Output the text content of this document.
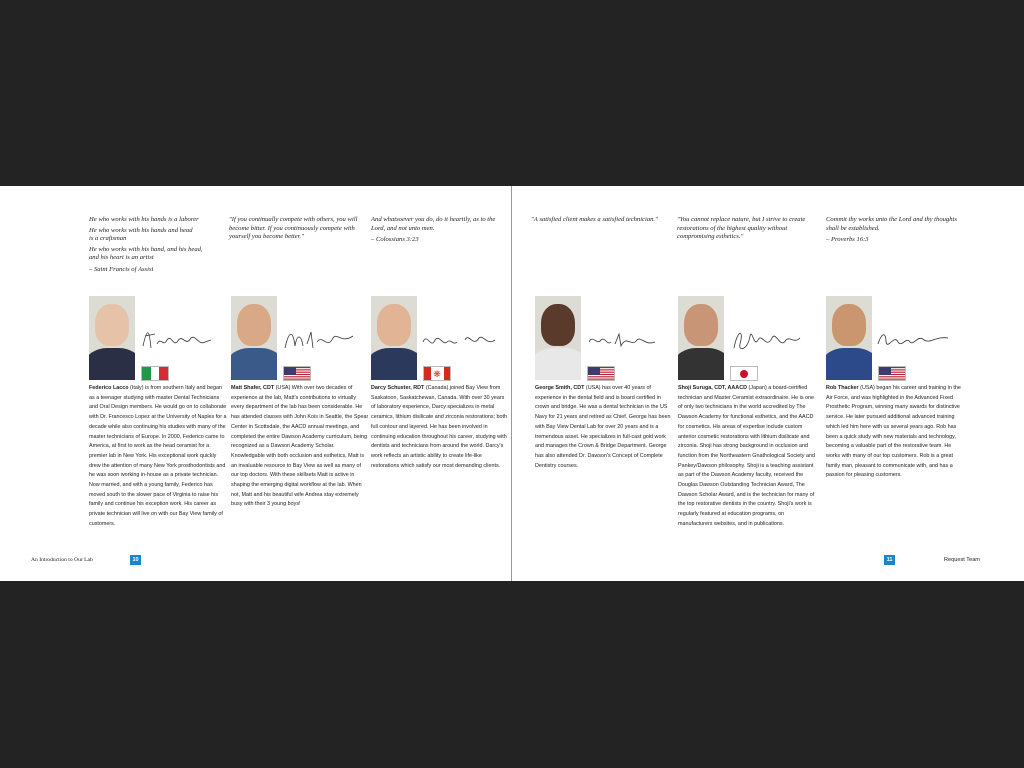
He who works with his hands is a laborer

He who works with his hands and head
is a craftsman

He who works with his hand, and his head,
and his heart is an artist

– Saint Francis of Assisi

Federico Lacco (Italy) is from southern Italy and began as a teenager studying with master Dental Technicians and Oral Design members. He would go on to collaborate with Dr. Francesco Lopez at the University of Naples for a decade while also continuing his studies with many of the master technicians of Europe. In 2000, Federico came to America, at first to work as the head ceramist for a premier lab in New York. His exceptional work quickly drew the attention of many New York prosthodontists and he was soon working in-house as a private technician. Now married, and with a young family, Federico has moved south to the slower pace of Virginia to raise his family and continue his exception work. His career as private technician will live on with our Bay View family of customers.

"If you continually compete with others, you will become bitter. If you continuously compete with yourself you become better."

Matt Shafer, CDT (USA) With over two decades of experience at the lab, Matt's contributions to virtually every department of the lab has been considerable. He has attended classes with John Kois in Seattle, the Spear Center in Scottsdale, the AACD annual meetings, and completed the entire Dawson Academy curriculum, being recognized as a Dawson Academy Scholar. Knowledgable with both occlusion and esthetics, Matt is an invaluable resource to Bay View as well as many of our top doctors. With these skillsets Matt is active in shaping the emerging digital workflow at the lab. When not, Matt and his beautiful wife Andrea stay extremely busy with their 3 young boys!

And whatsoever you do, do it heartily, as to the Lord, and not unto men.

– Colossians 3:23

❋
Darcy Schuster, RDT (Canada) joined Bay View from Saskatoon, Saskatchewan, Canada. With over 30 years of laboratory experience, Darcy specializes in metal ceramics, lithium disilicate and zirconia restorations; both full contour and layered. He has been involved in continuing education throughout his career, studying with dentists and technicians from around the world. Darcy's work reflects an artistic ability to create life-like restorations which satisfy our most demanding clients.

"A satisfied client makes a satisfied technician."

George Smith, CDT (USA) has over 40 years of experience in the dental field and is board certified in crown and bridge. He was a dental technician in the US Navy for 21 years and retired as Chief. George has been with Bay View Dental Lab for over 20 years and is a tremendous asset. He specializes in full-cast gold work and manages the Crown & Bridge Department. George has also attended Dr. Dawson's Concept of Complete Dentistry courses.

"You cannot replace nature, but I strive to create restorations of the highest quality without compromising esthetics."

Shoji Suruga, CDT, AAACD (Japan) a board-certified technician and Master Ceramist extraordinaire. He is one of only two technicians in the world accredited by The Dawson Academy for functional esthetics, and the AACD for cosmetics. His areas of expertise include custom anterior cosmetic restorations with lithium disilicate and zirconia. Shoji has strong background in occlusion and function from the Northeastern Gnathological Society and Pankey/Dawson philosophy. Shoji is a teaching assistant as part of the Dawson Academy faculty, received the Douglas Dawson Outstanding Technician Award, The Dawson Scholar Award, and is the technician for many of the top restorative dentists in the country. Shoji's work is regularly featured at education programs, on manufacturers websites, and in publications.

Commit thy works unto the Lord and thy thoughts shall be established.

– Proverbs 16:3

Rob Thacker (USA) began his career and training in the Air Force, and was highlighted in the Advanced Fixed Prosthetic Program, winning many awards for distinctive service. He later pursued additional advanced training which led him here with us several years ago. Rob has been a quick study with new materials and technology, becoming a valuable part of the restorative team. He works with many of our top customers. Rob is a great family man, pleasant to communicate with, and has a passion for pleasing customers.
An Introduction to Our Lab	10	11	Request Team
